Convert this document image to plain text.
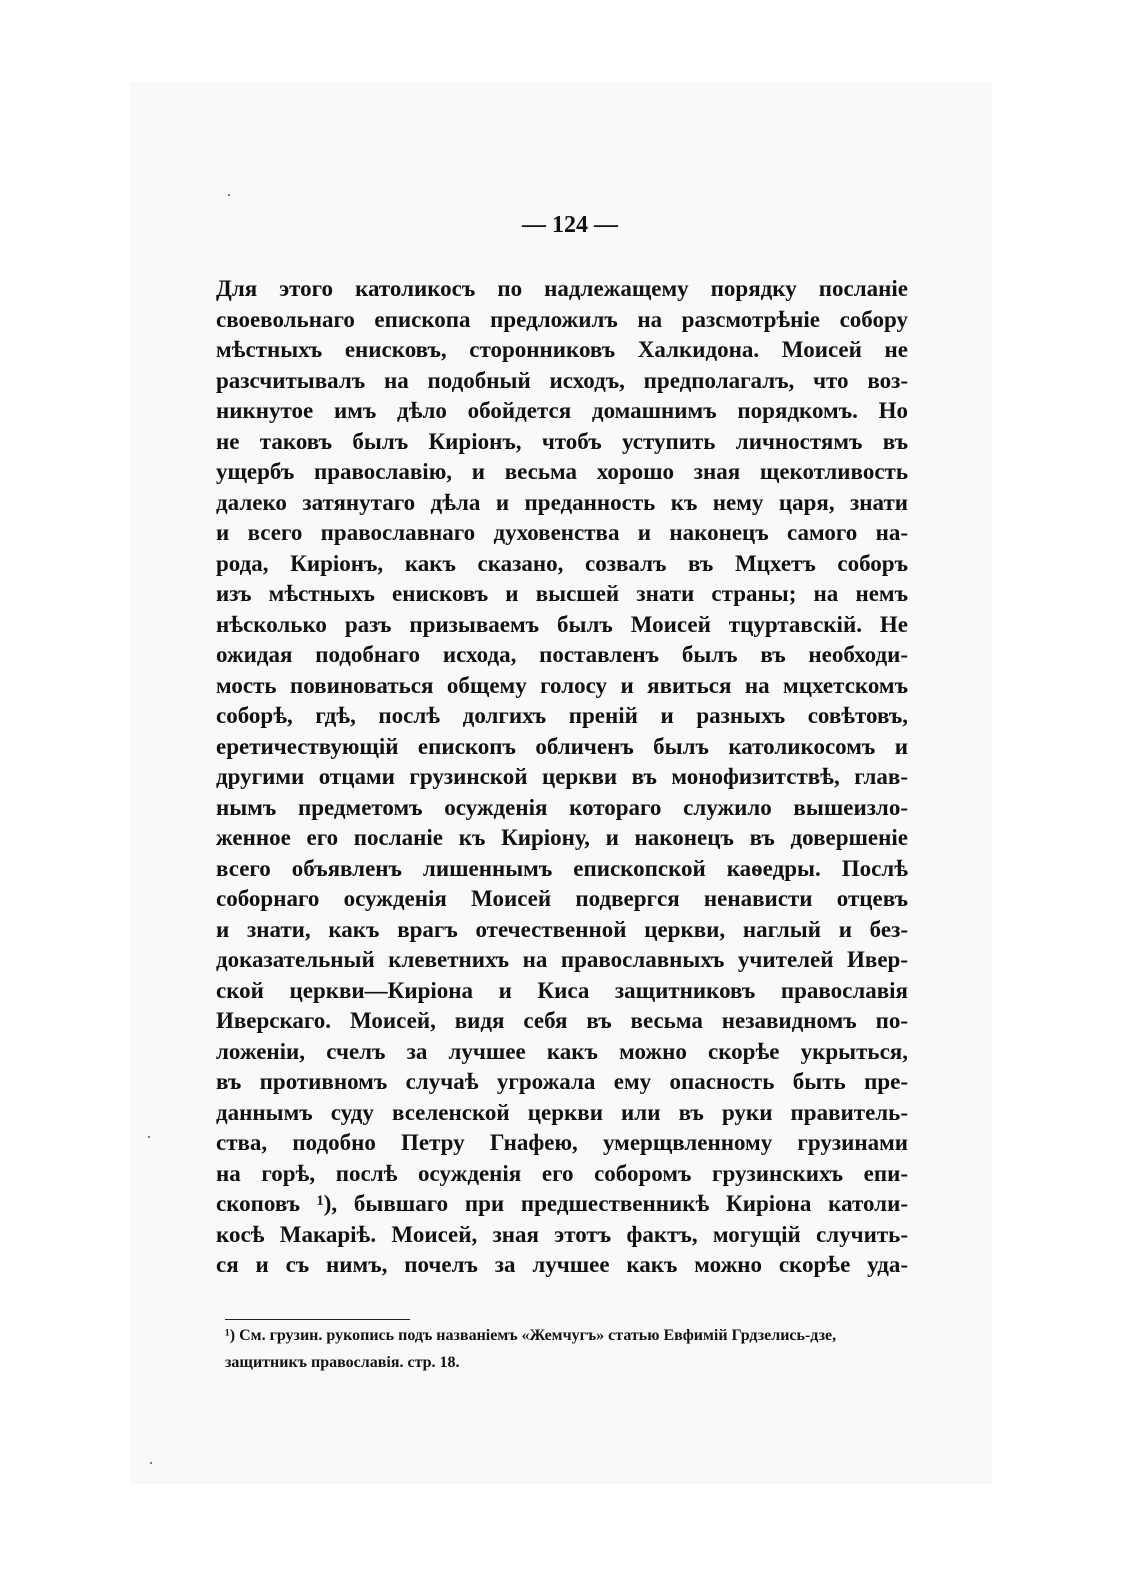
— 124 —
Для этого католикосъ по надлежащему порядку посланіе
своевольнаго епископа предложилъ на разсмотрѣніе собору
мѣстныхъ енисковъ, сторонниковъ Халкидона. Моисей не
разсчитывалъ на подобный исходъ, предполагалъ, что воз-
никнутое имъ дѣло обойдется домашнимъ порядкомъ. Но
не таковъ былъ Киріонъ, чтобъ уступить личностямъ въ
ущербъ православію, и весьма хорошо зная щекотливость
далеко затянутаго дѣла и преданность къ нему царя, знати
и всего православнаго духовенства и наконецъ самого на-
рода, Киріонъ, какъ сказано, созвалъ въ Мцхетъ соборъ
изъ мѣстныхъ енисковъ и высшей знати страны; на немъ
нѣсколько разъ призываемъ былъ Моисей тцуртавскій. Не
ожидая подобнаго исхода, поставленъ былъ въ необходи-
мость повиноваться общему голосу и явиться на мцхетскомъ
соборѣ, гдѣ, послѣ долгихъ преній и разныхъ совѣтовъ,
еретичествующій епископъ обличенъ былъ католикосомъ и
другими отцами грузинской церкви въ монофизитствѣ, глав-
нымъ предметомъ осужденія котораго служило вышеизло-
женное его посланіе къ Киріону, и наконецъ въ довершеніе
всего объявленъ лишеннымъ епископской каѳедры. Послѣ
соборнаго осужденія Моисей подвергся ненависти отцевъ
и знати, какъ врагъ отечественной церкви, наглый и без-
доказательный клеветнихъ на православныхъ учителей Ивер-
ской церкви—Киріона и Киса защитниковъ православія
Иверскаго. Моисей, видя себя въ весьма незавидномъ по-
ложеніи, счелъ за лучшее какъ можно скорѣе укрыться,
въ противномъ случаѣ угрожала ему опасность быть пре-
даннымъ суду вселенской церкви или въ руки правитель-
ства, подобно Петру Гнафею, умерщвленному грузинами
на горѣ, послѣ осужденія его соборомъ грузинскихъ епи-
скоповъ ¹), бывшаго при предшественникѣ Киріона католи-
косѣ Макаріѣ. Моисей, зная этотъ фактъ, могущій случить-
ся и съ нимъ, почелъ за лучшее какъ можно скорѣе уда-
¹) См. грузин. рукопись подъ названіемъ «Жемчугъ» статью Евфимій Грдзелись-дзе,
защитникъ православія. стр. 18.
